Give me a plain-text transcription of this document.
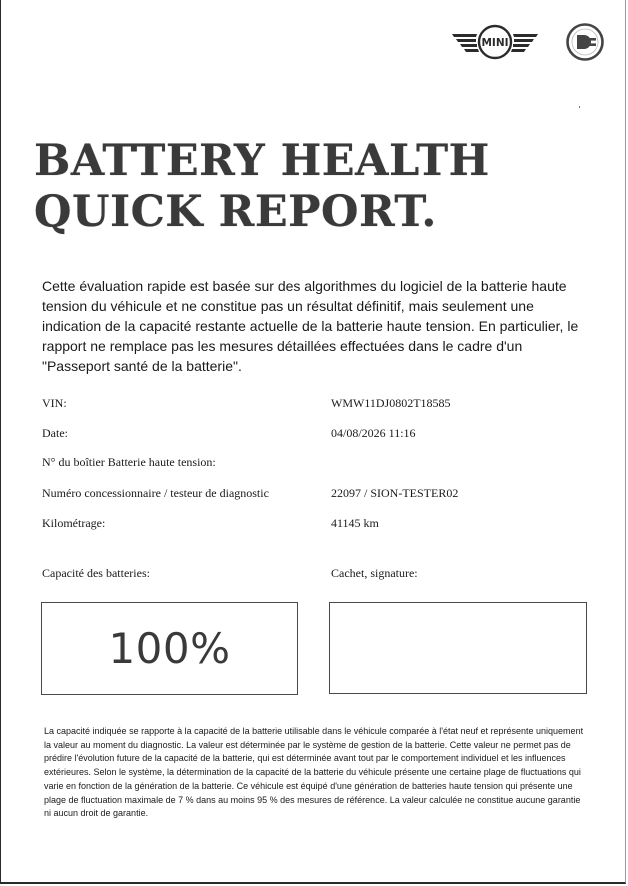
MINI
BATTERY HEALTH
QUICK REPORT.

Cette évaluation rapide est basée sur des algorithmes du logiciel de la batterie haute tension du véhicule et ne constitue pas un résultat définitif, mais seulement une indication de la capacité restante actuelle de la batterie haute tension. En particulier, le rapport ne remplace pas les mesures détaillées effectuées dans le cadre d'un "Passeport santé de la batterie".

VIN:	WMW11DJ0802T18585
Date:	04/08/2026 11:16
N° du boîtier Batterie haute tension:
Numéro concessionnaire / testeur de diagnostic	22097 / SION-TESTER02
Kilométrage:	41145 km
Capacité des batteries:	Cachet, signature:
100%

La capacité indiquée se rapporte à la capacité de la batterie utilisable dans le véhicule comparée à l'état neuf et représente uniquement la valeur au moment du diagnostic. La valeur est déterminée par le système de gestion de la batterie. Cette valeur ne permet pas de prédire l'évolution future de la capacité de la batterie, qui est déterminée avant tout par le comportement individuel et les influences extérieures. Selon le système, la détermination de la capacité de la batterie du véhicule présente une certaine plage de fluctuations qui varie en fonction de la génération de la batterie. Ce véhicule est équipé d'une génération de batteries haute tension qui présente une plage de fluctuation maximale de 7 % dans au moins 95 % des mesures de référence. La valeur calculée ne constitue aucune garantie ni aucun droit de garantie.
